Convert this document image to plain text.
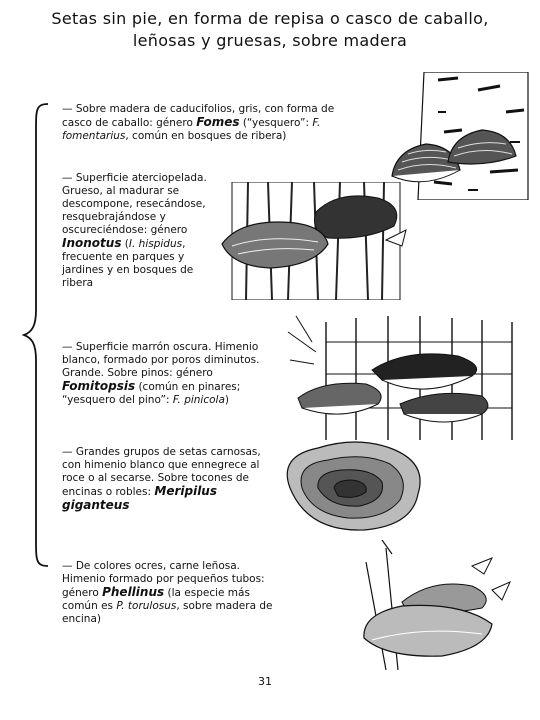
Setas sin pie, en forma de repisa o casco de caballo,
leñosas y gruesas, sobre madera
— Sobre madera de caducifolios, gris, con forma de casco de caballo: género Fomes (“yesquero”: F. fomentarius, común en bosques de ribera)
— Superficie aterciopelada. Grueso, al madurar se descompone, resecándose, resquebrajándose y oscureciéndose: género Inonotus (I. hispidus, frecuente en parques y jardines y en bosques de ribera
— Superficie marrón oscura. Himenio blanco, formado por poros diminutos. Grande. Sobre pinos: género Fomitopsis (común en pinares; “yesquero del pino”: F. pinicola)
— Grandes grupos de setas carnosas, con himenio blanco que ennegrece al roce o al secarse. Sobre tocones de encinas o robles: Meripilus giganteus
— De colores ocres, carne leñosa. Himenio formado por pequeños tubos: género Phellinus (la especie más común es P. torulosus, sobre madera de encina)
31
